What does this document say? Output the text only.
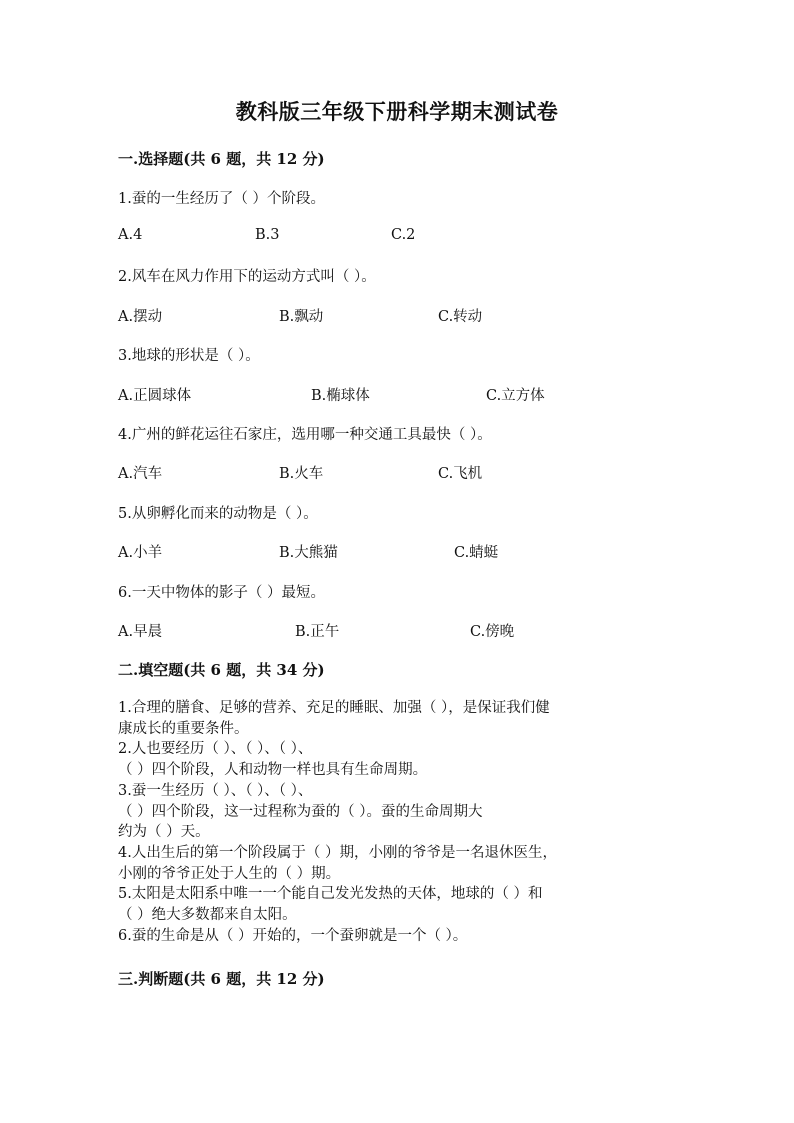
教科版三年级下册科学期末测试卷
一.选择题(共 6 题，共 12 分)
1.蚕的一生经历了（ ）个阶段。
A.4	B.3	C.2
2.风车在风力作用下的运动方式叫（ ）。
A.摆动	B.飘动	C.转动
3.地球的形状是（ ）。
A.正圆球体	B.椭球体	C.立方体
4.广州的鲜花运往石家庄，选用哪一种交通工具最快（ ）。
A.汽车	B.火车	C.飞机
5.从卵孵化而来的动物是（ ）。
A.小羊	B.大熊猫	C.蜻蜓
6.一天中物体的影子（ ）最短。
A.早晨	B.正午	C.傍晚
二.填空题(共 6 题，共 34 分)
1.合理的膳食、足够的营养、充足的睡眠、加强（ ），是保证我们健
康成长的重要条件。
2.人也要经历（ ）、（ ）、（ ）、
（ ）四个阶段，人和动物一样也具有生命周期。
3.蚕一生经历（ ）、（ ）、（ ）、
（ ）四个阶段，这一过程称为蚕的（ ）。蚕的生命周期大
约为（ ）天。
4.人出生后的第一个阶段属于（ ）期，小刚的爷爷是一名退休医生，
小刚的爷爷正处于人生的（ ）期。
5.太阳是太阳系中唯一一个能自己发光发热的天体，地球的（ ）和
（ ）绝大多数都来自太阳。
6.蚕的生命是从（ ）开始的，一个蚕卵就是一个（ ）。
三.判断题(共 6 题，共 12 分)
